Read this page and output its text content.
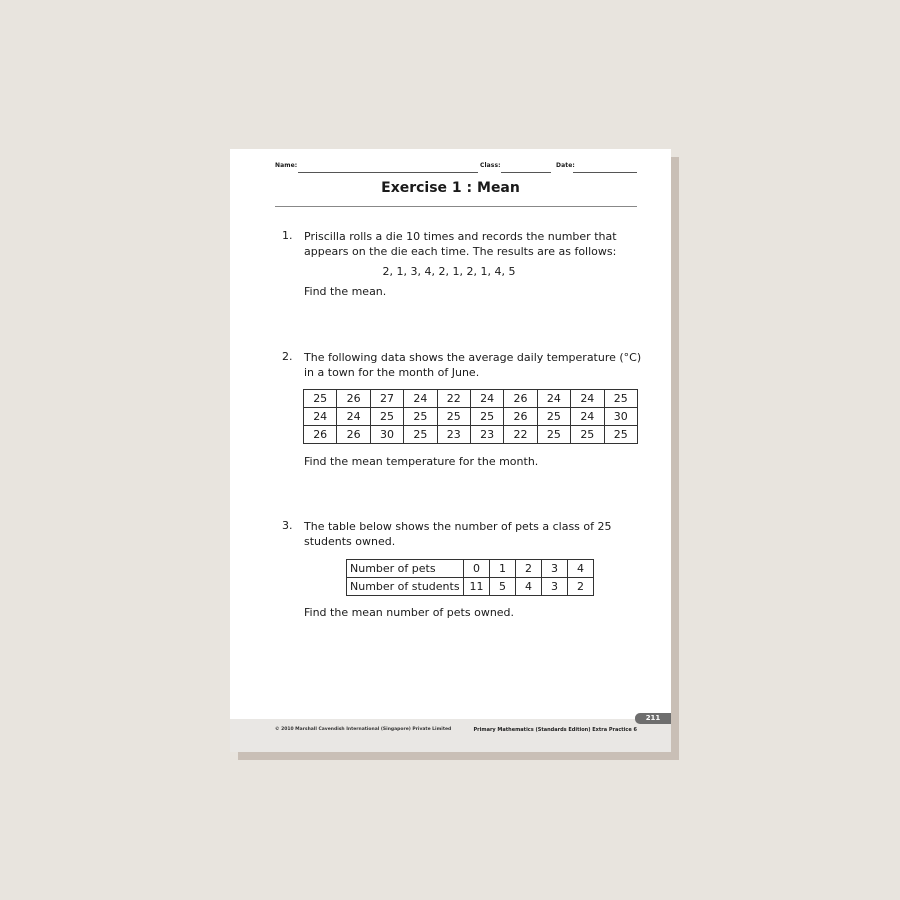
Name:	Class:	Date:
Exercise 1 : Mean
1. Priscilla rolls a die 10 times and records the number that
appears on the die each time. The results are as follows:
2, 1, 3, 4, 2, 1, 2, 1, 4, 5
Find the mean.
2. The following data shows the average daily temperature (°C)
in a town for the month of June.
25	26	27	24	22	24	26	24	24	25
24	24	25	25	25	25	26	25	24	30
26	26	30	25	23	23	22	25	25	25
Find the mean temperature for the month.
3. The table below shows the number of pets a class of 25
students owned.
Number of pets	0	1	2	3	4
Number of students	11	5	4	3	2
Find the mean number of pets owned.
211
© 2010 Marshall Cavendish International (Singapore) Private Limited	Primary Mathematics (Standards Edition) Extra Practice 6
